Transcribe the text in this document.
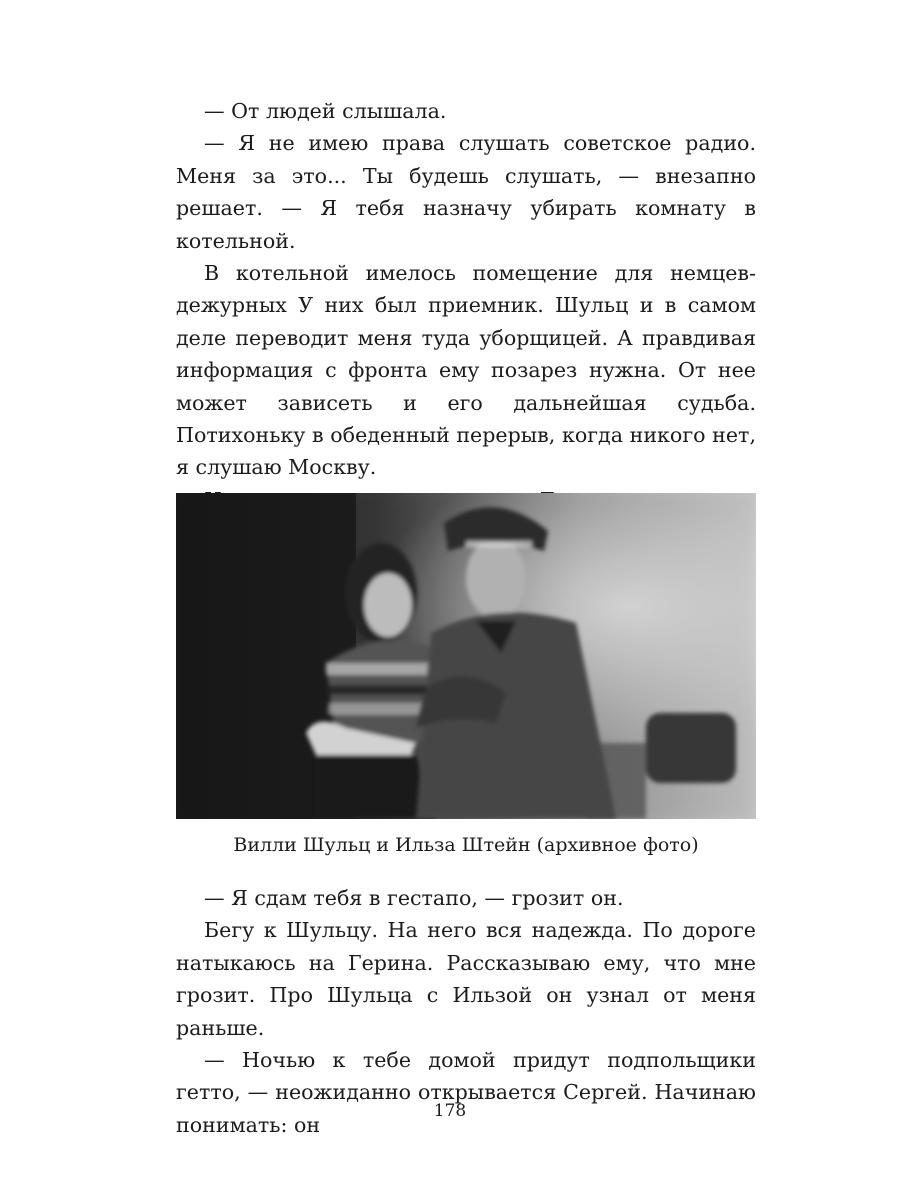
— От людей слышала.

— Я не имею права слушать советское радио. Меня за это... Ты будешь слушать, — внезапно решает. — Я тебя назначу убирать комнату в котельной.

В котельной имелось помещение для немцев-дежурных У них был приемник. Шульц и в самом деле переводит меня туда уборщицей. А правдивая информация с фронта ему позарез нужна. От нее может зависеть и его дальнейшая судьба. Потихоньку в обеденный перерыв, когда никого нет, я слушаю Москву.

Вилли Шульц и Ильза Штейн (архивное фото)

— Я сдам тебя в гестапо, — грозит он.

Бегу к Шульцу. На него вся надежда. По дороге натыкаюсь на Герина. Рассказываю ему, что мне грозит. Про Шульца с Ильзой он узнал от меня раньше.

— Ночью к тебе домой придут подпольщики гетто, — неожиданно открывается Сергей. Начинаю понимать: он

178
